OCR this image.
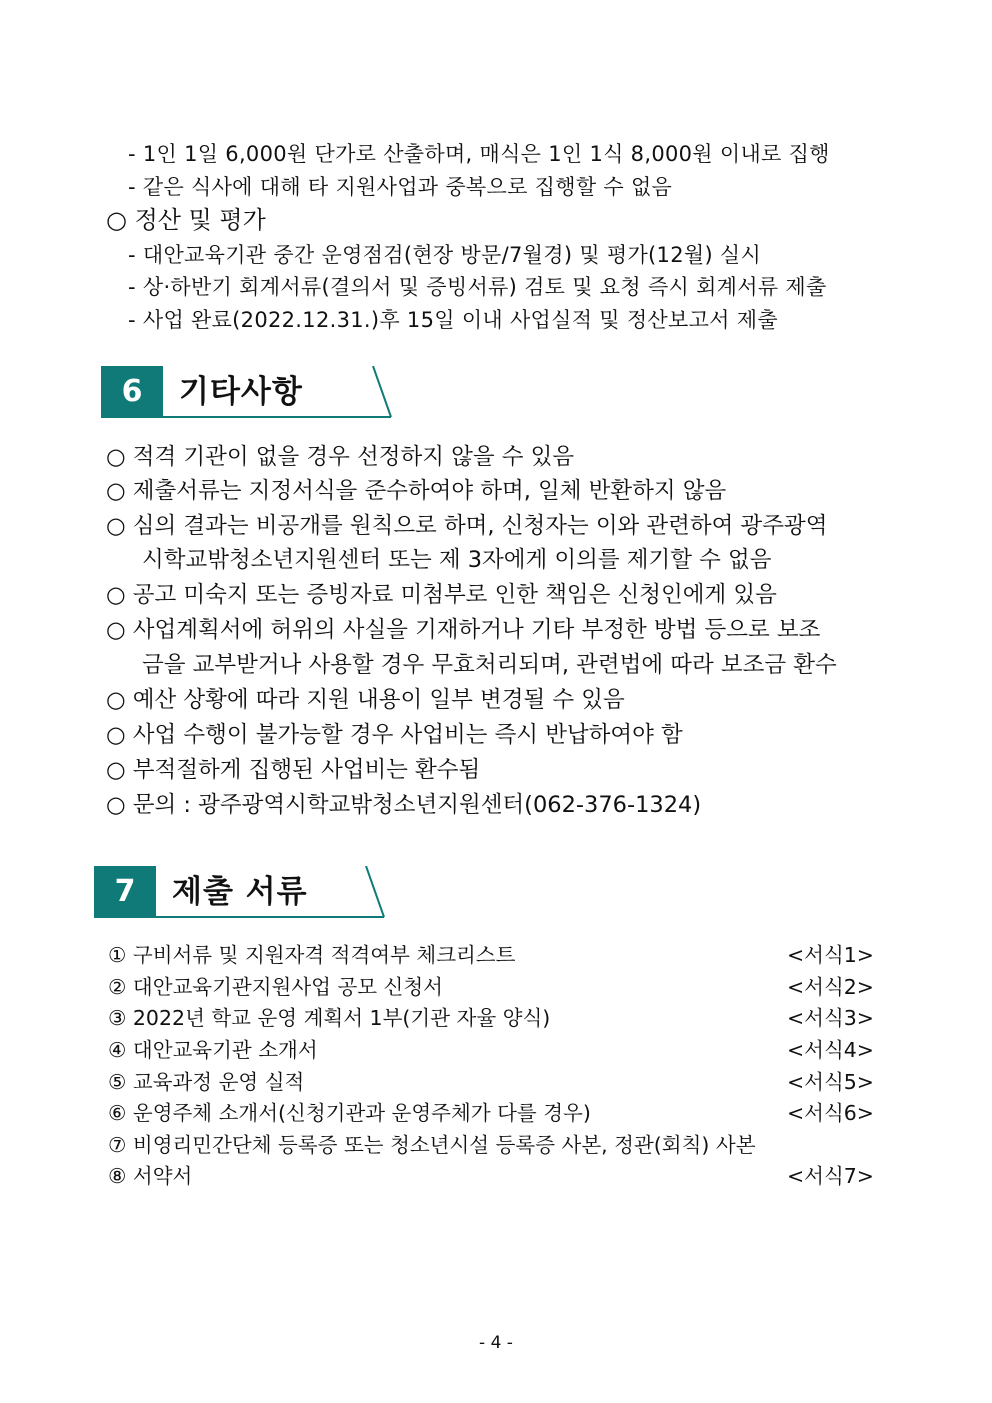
- 1인 1일 6,000원 단가로 산출하며, 매식은 1인 1식 8,000원 이내로 집행
- 같은 식사에 대해 타 지원사업과 중복으로 집행할 수 없음
○ 정산 및 평가
- 대안교육기관 중간 운영점검(현장 방문/7월경) 및 평가(12월) 실시
- 상·하반기 회계서류(결의서 및 증빙서류) 검토 및 요청 즉시 회계서류 제출
- 사업 완료(2022.12.31.)후 15일 이내 사업실적 및 정산보고서 제출
6	기타사항
○ 적격 기관이 없을 경우 선정하지 않을 수 있음
○ 제출서류는 지정서식을 준수하여야 하며, 일체 반환하지 않음
○ 심의 결과는 비공개를 원칙으로 하며, 신청자는 이와 관련하여 광주광역
시학교밖청소년지원센터 또는 제 3자에게 이의를 제기할 수 없음
○ 공고 미숙지 또는 증빙자료 미첨부로 인한 책임은 신청인에게 있음
○ 사업계획서에 허위의 사실을 기재하거나 기타 부정한 방법 등으로 보조
금을 교부받거나 사용할 경우 무효처리되며, 관련법에 따라 보조금 환수
○ 예산 상황에 따라 지원 내용이 일부 변경될 수 있음
○ 사업 수행이 불가능할 경우 사업비는 즉시 반납하여야 함
○ 부적절하게 집행된 사업비는 환수됨
○ 문의 : 광주광역시학교밖청소년지원센터(062-376-1324)
7	제출 서류
① 구비서류 및 지원자격 적격여부 체크리스트	<서식1>
② 대안교육기관지원사업 공모 신청서	<서식2>
③ 2022년 학교 운영 계획서 1부(기관 자율 양식)	<서식3>
④ 대안교육기관 소개서	<서식4>
⑤ 교육과정 운영 실적	<서식5>
⑥ 운영주체 소개서(신청기관과 운영주체가 다를 경우)	<서식6>
⑦ 비영리민간단체 등록증 또는 청소년시설 등록증 사본, 정관(회칙) 사본
⑧ 서약서	<서식7>
- 4 -
